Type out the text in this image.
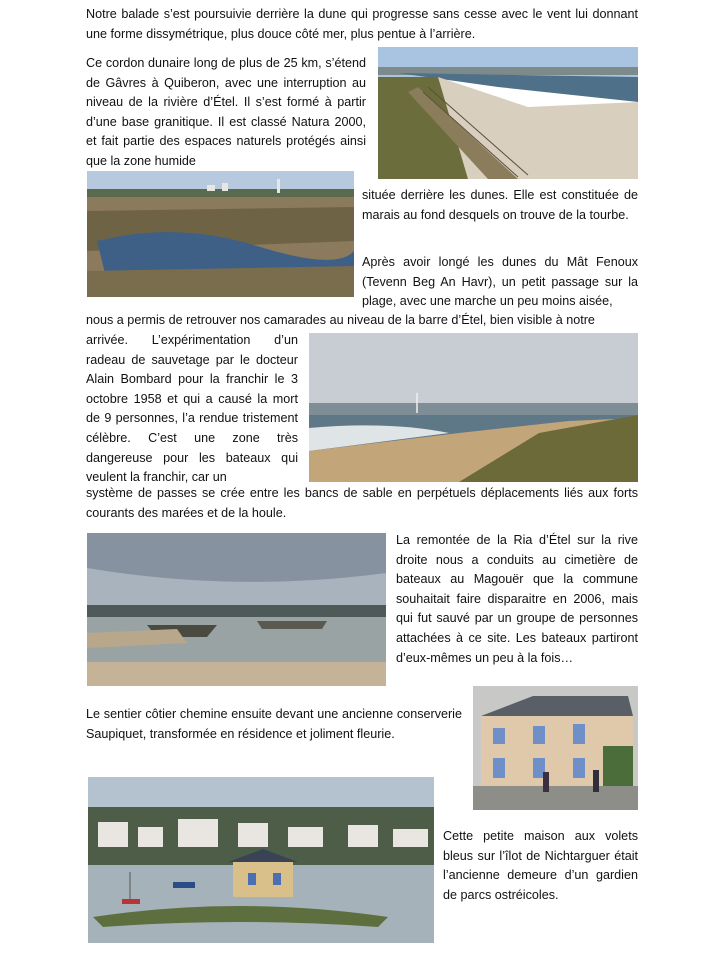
Notre balade s’est poursuivie derrière la dune qui progresse sans cesse avec le vent lui donnant une forme dissymétrique, plus douce côté mer, plus pentue à l’arrière.

Ce cordon dunaire long de plus de 25 km, s’étend de Gâvres à Quiberon, avec une interruption au niveau de la rivière d’Étel. Il s’est formé à partir d’une base granitique. Il est classé Natura 2000, et fait partie des espaces naturels protégés ainsi que la zone humide

située derrière les dunes. Elle est constituée de marais au fond desquels on trouve de la tourbe.

Après avoir longé les dunes du Mât Fenoux (Tevenn Beg An Havr), un petit passage sur la plage, avec une marche un peu moins aisée,

nous a permis de retrouver nos camarades au niveau de la barre d’Étel, bien visible à notre

arrivée. L’expérimentation d’un radeau de sauvetage par le docteur Alain Bombard pour la franchir le 3 octobre 1958 et qui a causé la mort de 9 personnes, l’a rendue tristement célèbre. C’est une zone très dangereuse pour les bateaux qui veulent la franchir, car un

système de passes se crée entre les bancs de sable en perpétuels déplacements liés aux forts courants des marées et de la houle.

La remontée de la Ria d’Étel sur la rive droite nous a conduits au cimetière de bateaux au Magouër que la commune souhaitait faire disparaitre en 2006, mais qui fut sauvé par un groupe de personnes attachées à ce site. Les bateaux partiront d’eux-mêmes un peu à la fois…

Le sentier côtier chemine ensuite devant une ancienne conserverie Saupiquet, transformée en résidence et joliment fleurie.

Cette petite maison aux volets bleus sur l’îlot de Nichtarguer était l’ancienne demeure d’un gardien de parcs ostréicoles.
